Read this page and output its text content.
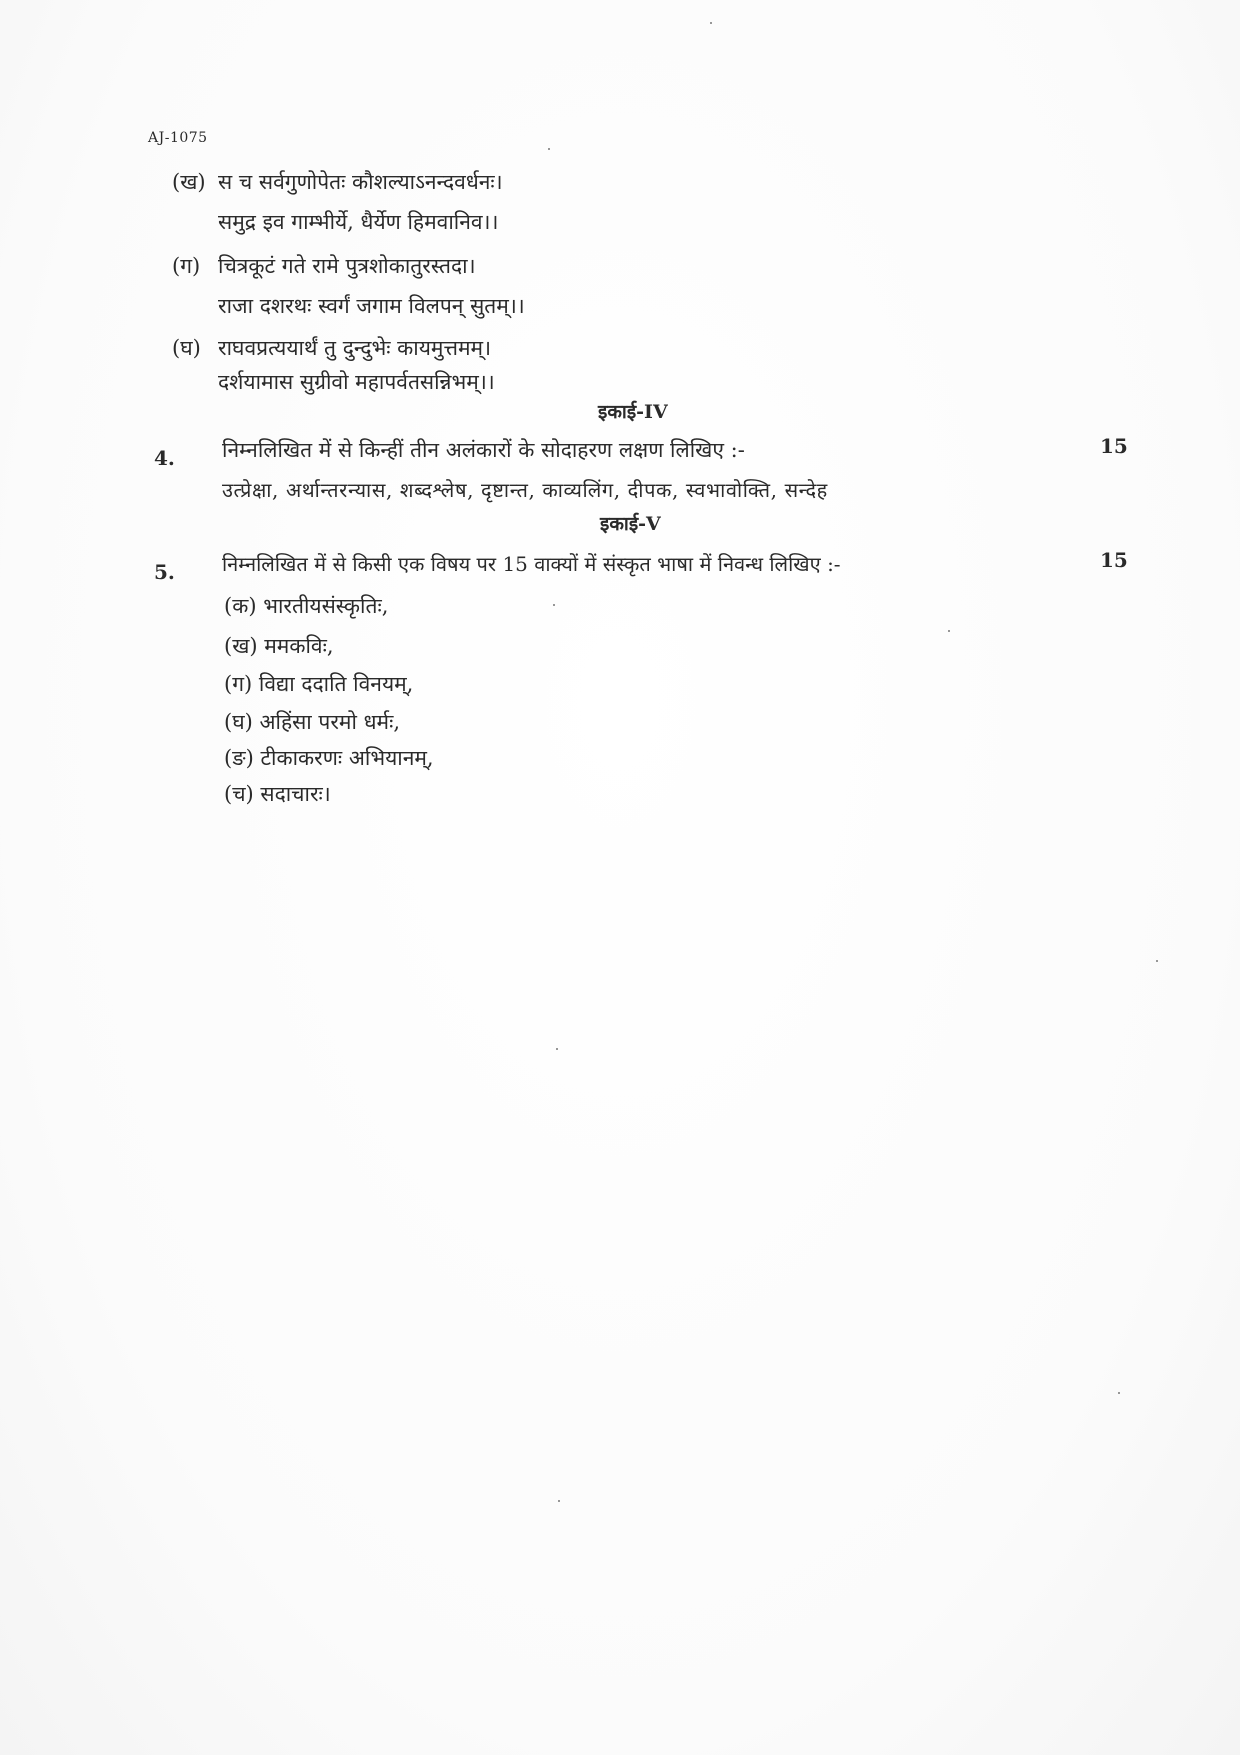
AJ-1075
(ख) स च सर्वगुणोपेतः कौशल्याऽनन्दवर्धनः।
समुद्र इव गाम्भीर्ये, धैर्येण हिमवानिव।।
(ग) चित्रकूटं गते रामे पुत्रशोकातुरस्तदा।
राजा दशरथः स्वर्गं जगाम विलपन् सुतम्।।
(घ) राघवप्रत्ययार्थं तु दुन्दुभेः कायमुत्तमम्।
दर्शयामास सुग्रीवो महापर्वतसन्निभम्।।
इकाई-IV
4. निम्नलिखित में से किन्हीं तीन अलंकारों के सोदाहरण लक्षण लिखिए :-	15
उत्प्रेक्षा, अर्थान्तरन्यास, शब्दश्लेष, दृष्टान्त, काव्यलिंग, दीपक, स्वभावोक्ति, सन्देह
इकाई-V
5. निम्नलिखित में से किसी एक विषय पर 15 वाक्यों में संस्कृत भाषा में निवन्ध लिखिए :-	15
(क) भारतीयसंस्कृतिः,
(ख) ममकविः,
(ग) विद्या ददाति विनयम्,
(घ) अहिंसा परमो धर्मः,
(ङ) टीकाकरणः अभियानम्,
(च) सदाचारः।
